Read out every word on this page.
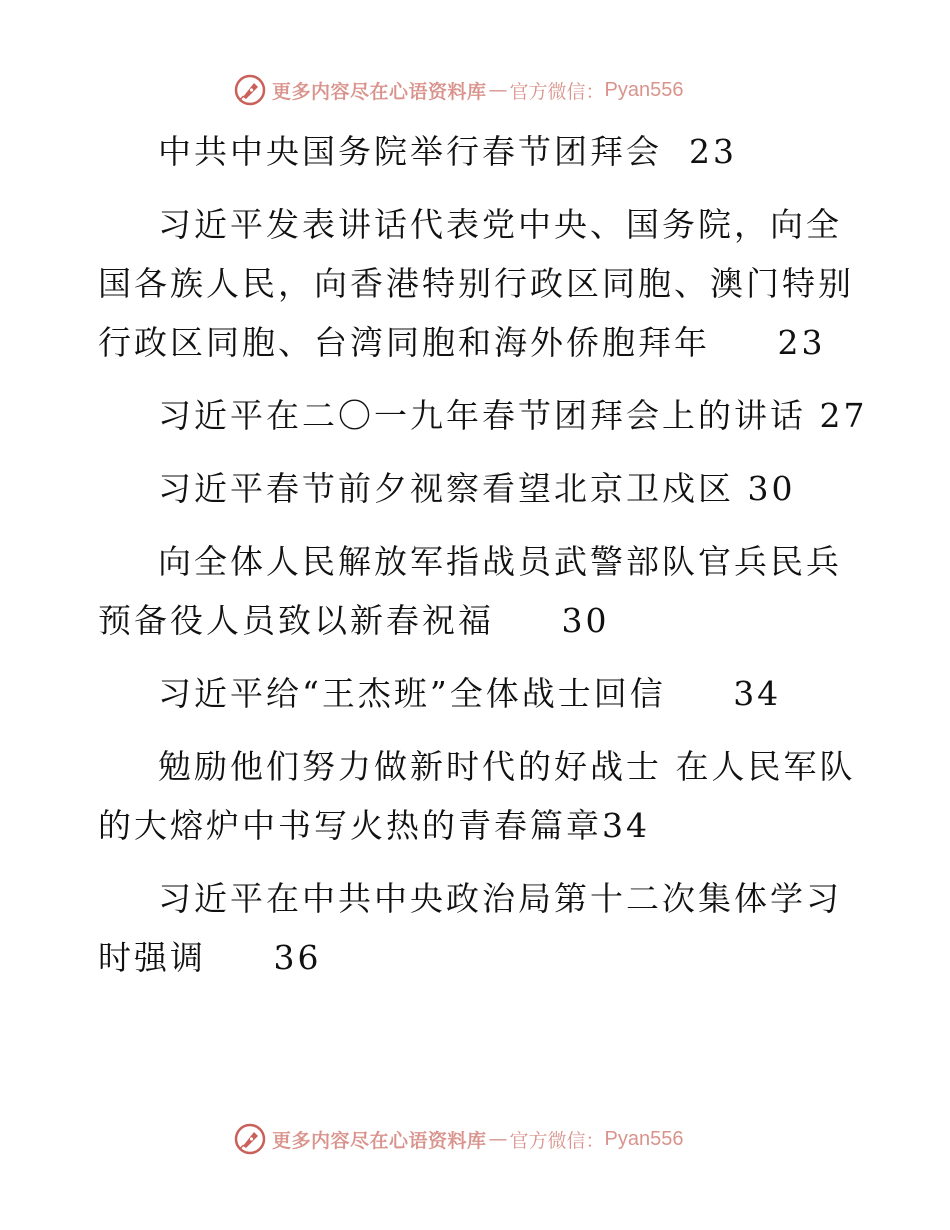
更多内容尽在心语资料库 — 官方微信： Pyan556

中共中央国务院举行春节团拜会  23

习近平发表讲话代表党中央、国务院，向全国各族人民，向香港特别行政区同胞、澳门特别行政区同胞、台湾同胞和海外侨胞拜年     23

习近平在二〇一九年春节团拜会上的讲话 27

习近平春节前夕视察看望北京卫戍区 30

向全体人民解放军指战员武警部队官兵民兵预备役人员致以新春祝福     30

习近平给“王杰班”全体战士回信     34

勉励他们努力做新时代的好战士 在人民军队的大熔炉中书写火热的青春篇章34

习近平在中共中央政治局第十二次集体学习时强调     36

更多内容尽在心语资料库 — 官方微信： Pyan556
